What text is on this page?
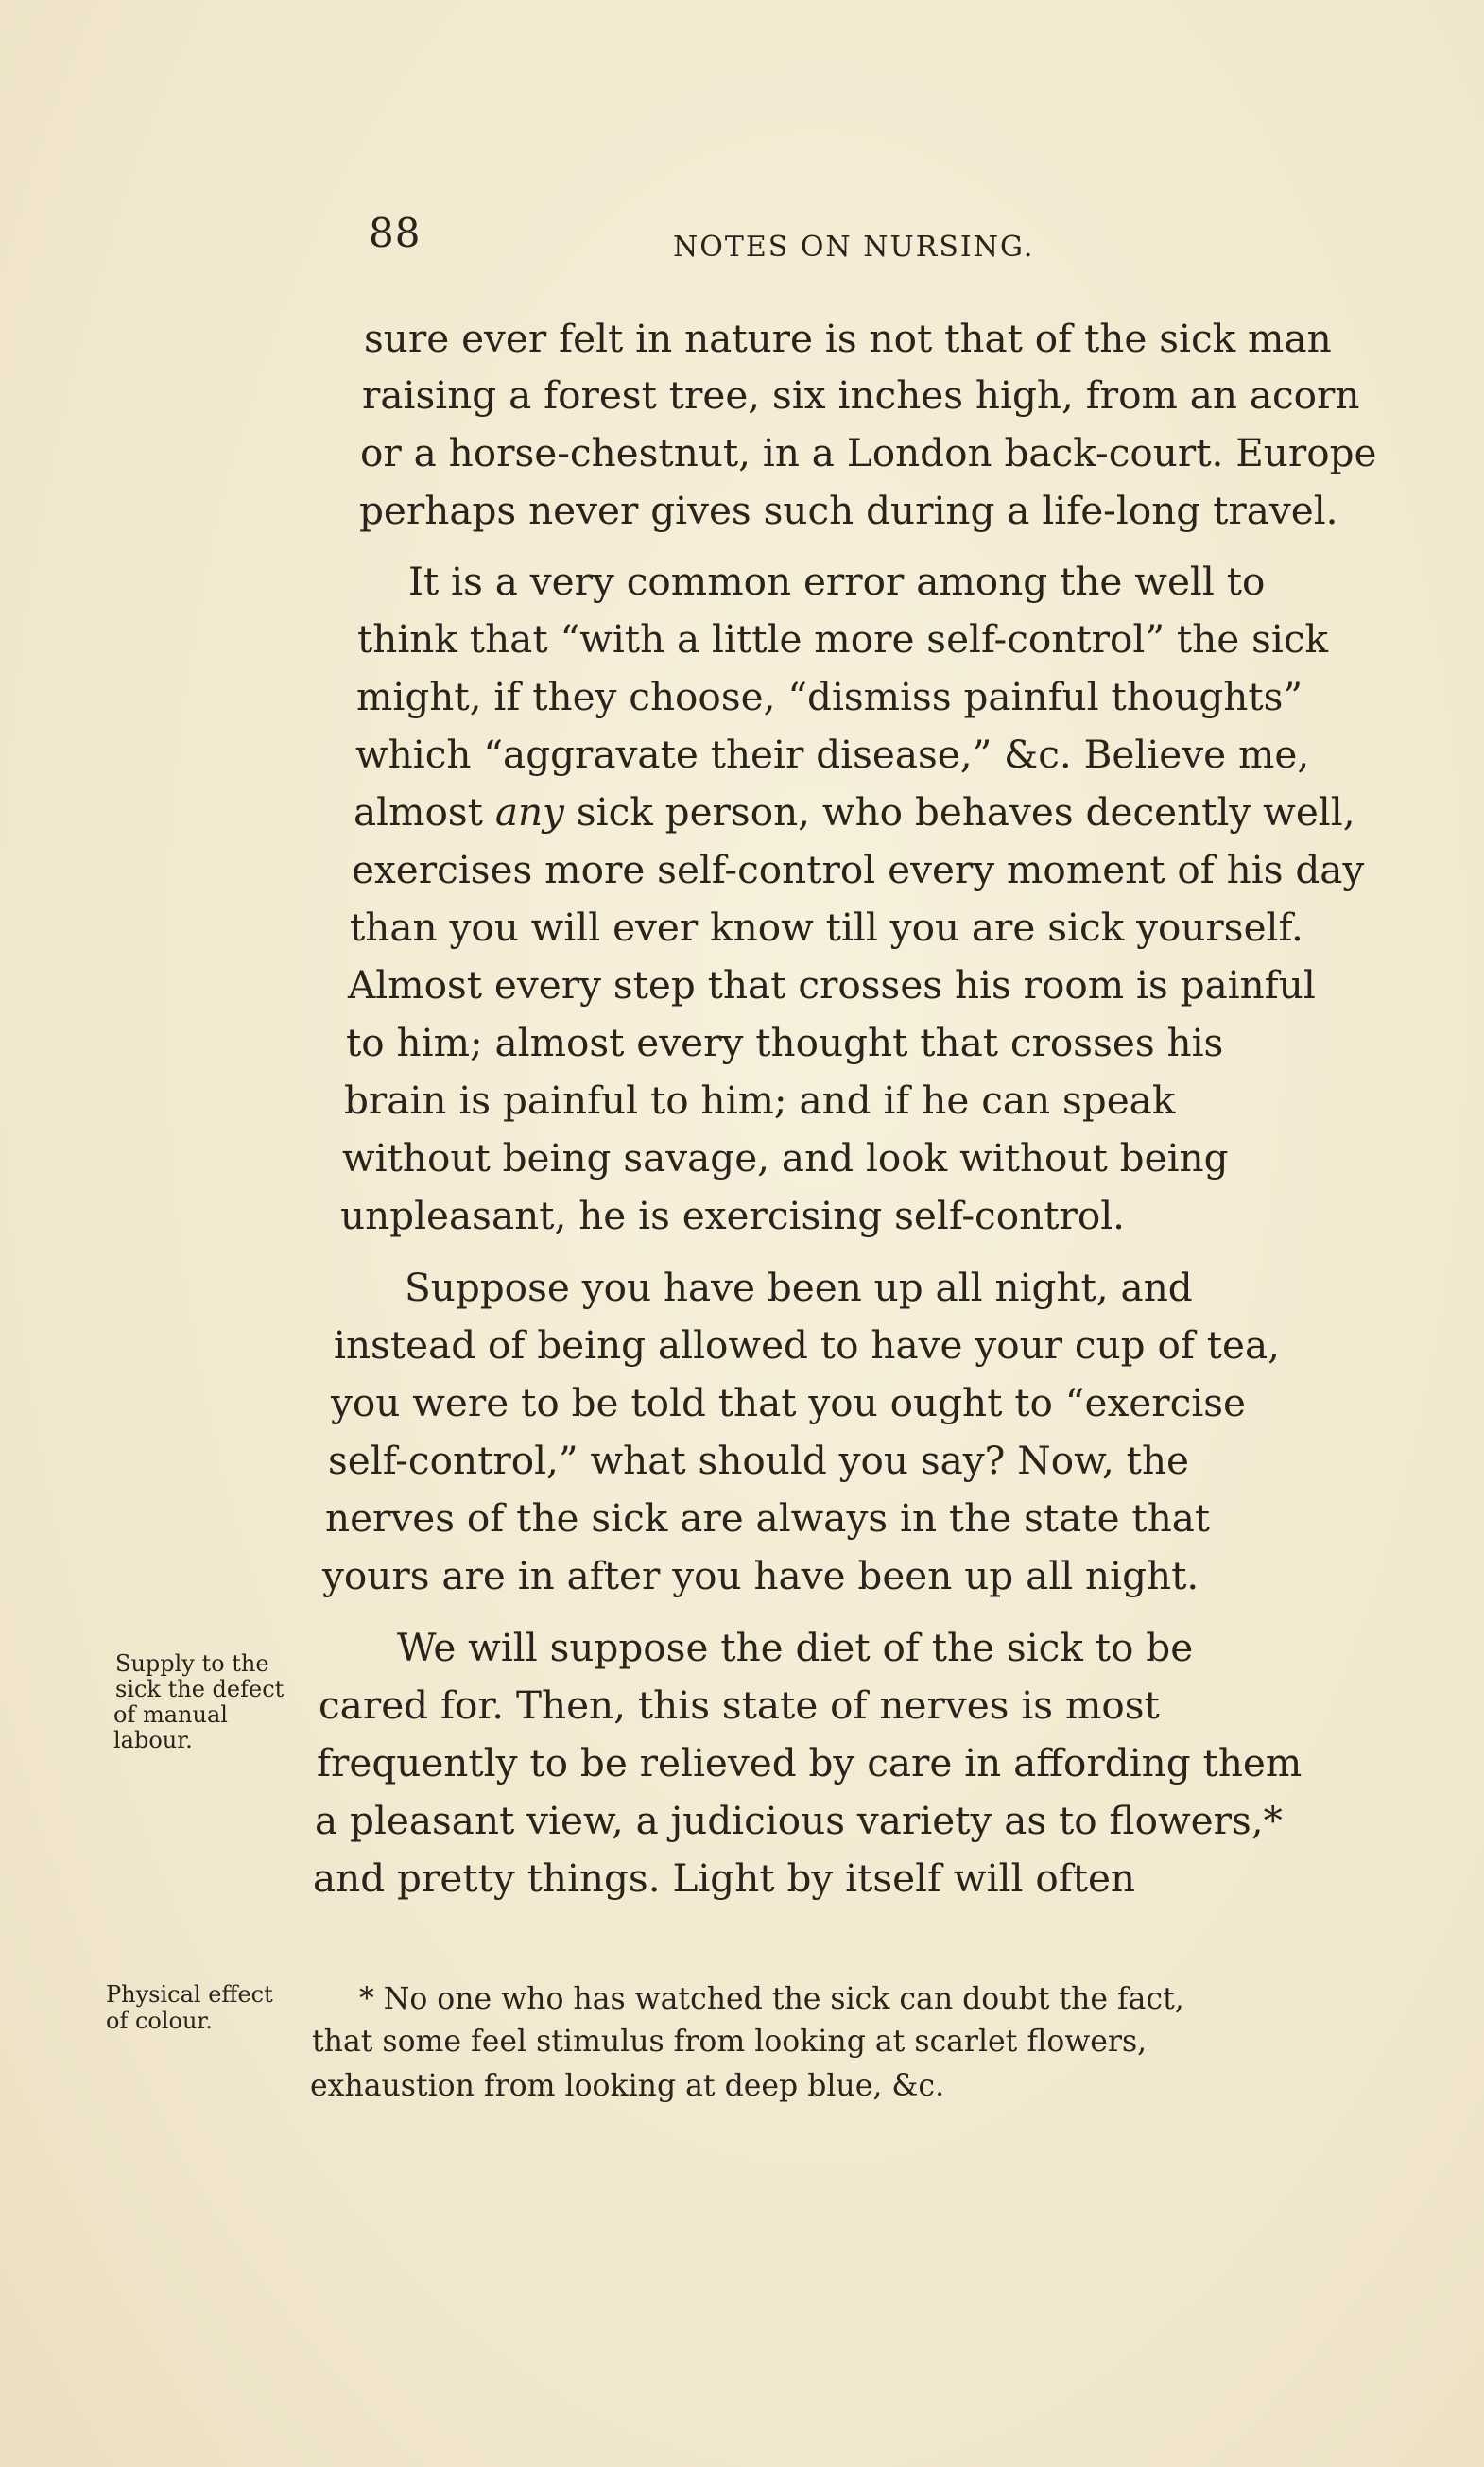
88	NOTES ON NURSING.
sure ever felt in nature is not that of the sick man
raising a forest tree, six inches high, from an acorn
or a horse-chestnut, in a London back-court. Europe
perhaps never gives such during a life-long travel.
It is a very common error among the well to
think that “with a little more self-control” the sick
might, if they choose, “dismiss painful thoughts”
which “aggravate their disease,” &c. Believe me,
almost any sick person, who behaves decently well,
exercises more self-control every moment of his day
than you will ever know till you are sick yourself.
Almost every step that crosses his room is painful
to him; almost every thought that crosses his
brain is painful to him; and if he can speak
without being savage, and look without being
unpleasant, he is exercising self-control.
Suppose you have been up all night, and
instead of being allowed to have your cup of tea,
you were to be told that you ought to “exercise
self-control,” what should you say? Now, the
nerves of the sick are always in the state that
yours are in after you have been up all night.
We will suppose the diet of the sick to be
cared for. Then, this state of nerves is most
frequently to be relieved by care in affording them
a pleasant view, a judicious variety as to flowers,*
and pretty things. Light by itself will often
Supply to the
sick the defect
of manual
labour.
Physical effect
of colour.
* No one who has watched the sick can doubt the fact,
that some feel stimulus from looking at scarlet flowers,
exhaustion from looking at deep blue, &c.
